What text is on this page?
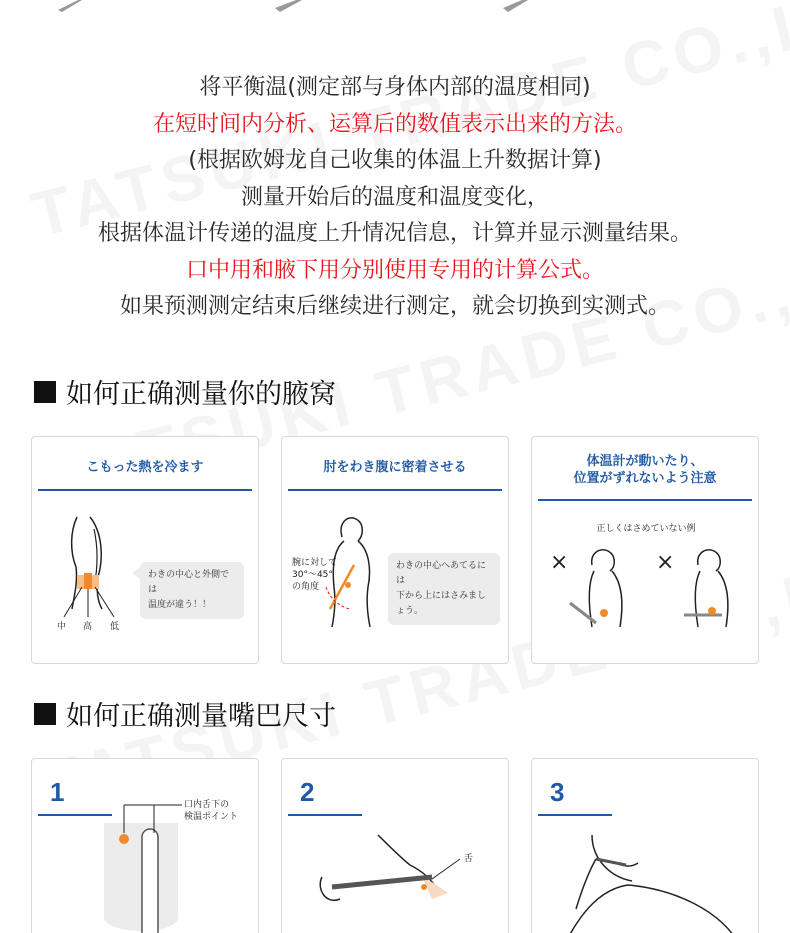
将平衡温(测定部与身体内部的温度相同)

在短时间内分析、运算后的数值表示出来的方法。

(根据欧姆龙自己收集的体温上升数据计算)

测量开始后的温度和温度变化，

根据体温计传递的温度上升情况信息，计算并显示测量结果。

口中用和腋下用分别使用专用的计算公式。

如果预测测定结束后继续进行测定，就会切换到实测式。

如何正确测量你的腋窝
こもった熱を冷ます
わきの中心と外側では
温度が違う！！
中 高 低
肘をわき腹に密着させる
腕に対して
30°～45°
の角度
わきの中心へあてるには
下から上にはさみましょう。
体温計が動いたり、
位置がずれないよう注意
正しくはさめていない例
×	×
如何正确测量嘴巴尺寸
1	口内舌下の
検温ポイント
2
舌
3
